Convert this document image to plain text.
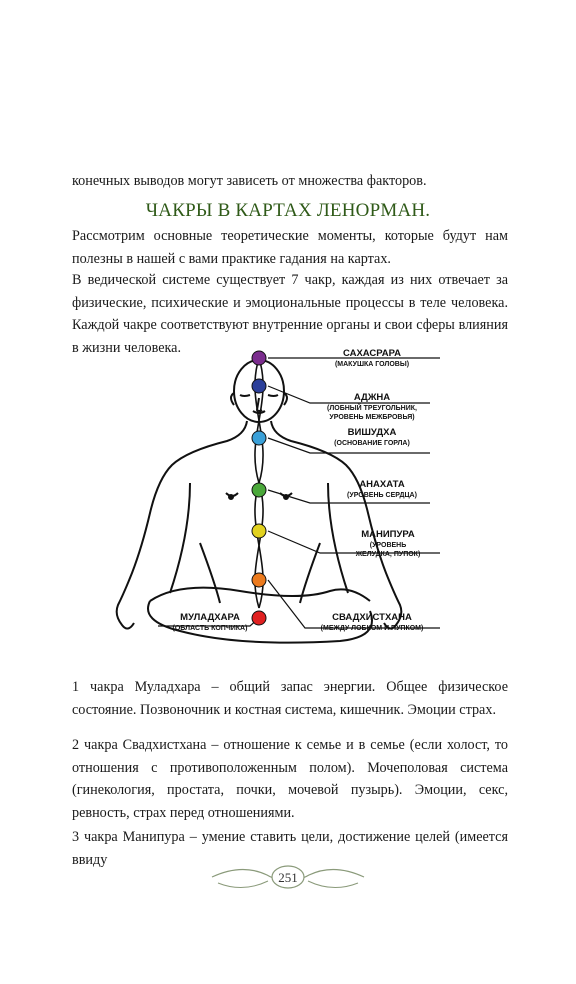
конечных выводов могут зависеть от множества факторов.
ЧАКРЫ В КАРТАХ ЛЕНОРМАН.
Рассмотрим основные теоретические моменты, которые будут нам полезны в нашей с вами практике гадания на картах.
В ведической системе существует 7 чакр, каждая из них отвечает за физические, психические и эмоциональные процессы в теле человека. Каждой чакре соответствуют внутренние органы и свои сферы влияния в жизни человека.	САХАСРАРА
(МАКУШКА ГОЛОВЫ)
АДЖНА
(ЛОБНЫЙ ТРЕУГОЛЬНИК,
УРОВЕНЬ МЕЖБРОВЬЯ)
ВИШУДХА
(ОСНОВАНИЕ ГОРЛА)
АНАХАТА
(УРОВЕНЬ СЕРДЦА)
МАНИПУРА
(УРОВЕНЬ
ЖЕЛУДКА, ПУПОК)
СВАДХИСТХАНА
(МЕЖДУ ЛОБКОМ И ПУПКОМ)
МУЛАДХАРА
(ОБЛАСТЬ КОПЧИКА)
1 чакра Муладхара – общий запас энергии. Общее физическое состояние. Позвоночник и костная система, кишечник. Эмоции страх.
2 чакра Свадхистхана – отношение к семье и в семье (если холост, то отношения с противоположенным полом). Мочеполовая система (гинекология, простата, почки, мочевой пузырь). Эмоции, секс, ревность, страх перед отношениями.
3 чакра Манипура – умение ставить цели, достижение целей (имеется ввиду
251
